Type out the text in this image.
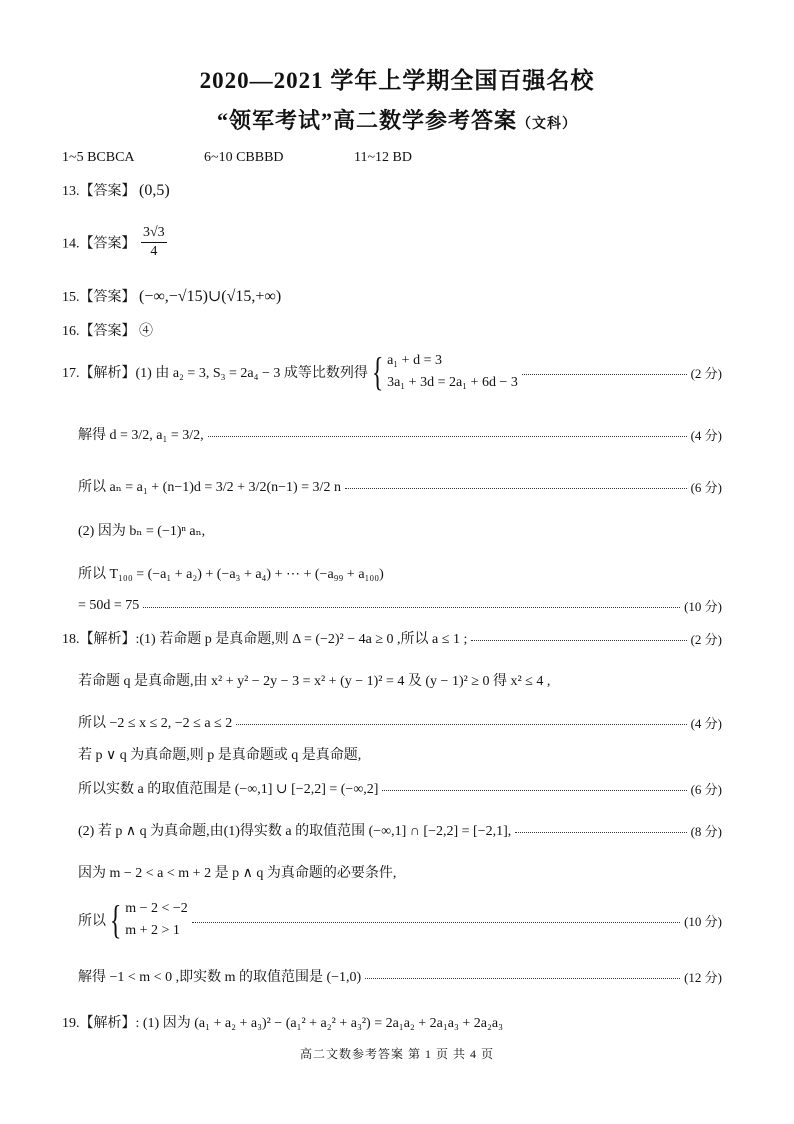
2020—2021 学年上学期全国百强名校
“领军考试”高二数学参考答案（文科）
1~5 BCBCA	6~10 CBBBD	11~12 BD
13.【答案】 (0,5)
14.【答案】 $\frac{3√3}{4}$
15.【答案】 (−∞,−√15)∪(√15,+∞)
16.【答案】 ④
17.【解析】 (1) 由 a₂ = 3, S₃ = 2a₄ − 3 成等比数列得 { a₁ + d = 3
3a₁ + 3d = 2a₁ + 6d − 3
(2 分)
解得 d = 3/2, a₁ = 3/2,	(4 分)
所以 aₙ = a₁ + (n−1)d = 3/2 + 3/2(n−1) = 3/2 n	(6 分)
(2) 因为 bₙ = (−1)ⁿ aₙ,
所以 T₁₀₀ = (−a₁ + a₂) + (−a₃ + a₄) + ⋯ + (−a₉₉ + a₁₀₀)
= 50d = 75	(10 分)
18.【解析】: (1) 若命题 p 是真命题,则 Δ = (−2)² − 4a ≥ 0 ,所以 a ≤ 1 ;	(2 分)
若命题 q 是真命题,由 x² + y² − 2y − 3 = x² + (y − 1)² = 4 及 (y − 1)² ≥ 0 得 x² ≤ 4 ,
所以 −2 ≤ x ≤ 2, −2 ≤ a ≤ 2	(4 分)
若 p ∨ q 为真命题,则 p 是真命题或 q 是真命题,
所以实数 a 的取值范围是 (−∞,1] ∪ [−2,2] = (−∞,2]	(6 分)
(2) 若 p ∧ q 为真命题,由(1)得实数 a 的取值范围 (−∞,1] ∩ [−2,2] = [−2,1],	(8 分)
因为 m − 2 < a < m + 2 是 p ∧ q 为真命题的必要条件,
所以 { m − 2 < −2
m + 2 > 1
(10 分)
解得 −1 < m < 0 ,即实数 m 的取值范围是 (−1,0)	(12 分)
19.【解析】: (1) 因为 (a₁ + a₂ + a₃)² − (a₁² + a₂² + a₃²) = 2a₁a₂ + 2a₁a₃ + 2a₂a₃
高二文数参考答案 第 1 页 共 4 页
